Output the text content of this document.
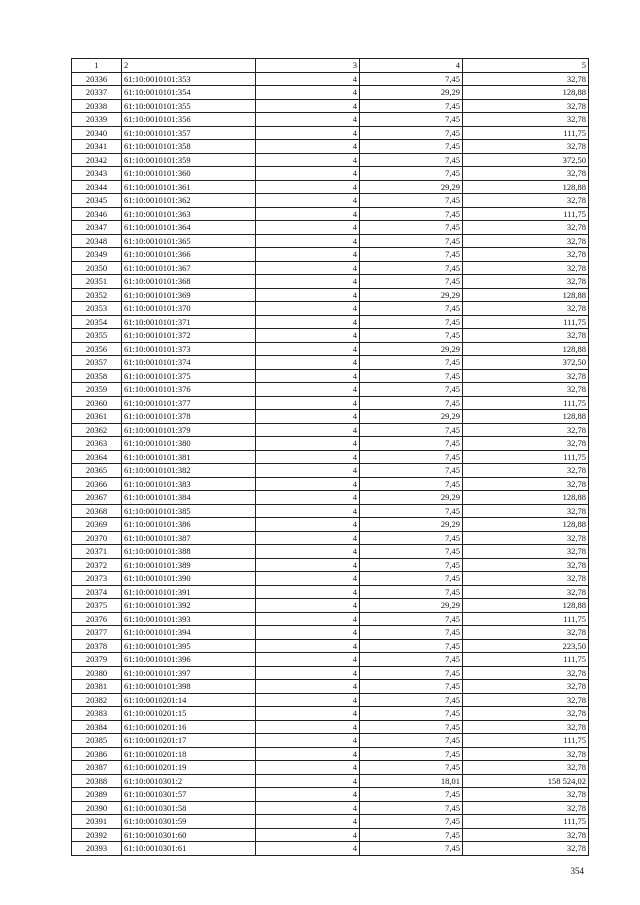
1	2	3	4	5
20336	61:10:0010101:353	4	7,45	32,78
20337	61:10:0010101:354	4	29,29	128,88
20338	61:10:0010101:355	4	7,45	32,78
20339	61:10:0010101:356	4	7,45	32,78
20340	61:10:0010101:357	4	7,45	111,75
20341	61:10:0010101:358	4	7,45	32,78
20342	61:10:0010101:359	4	7,45	372,50
20343	61:10:0010101:360	4	7,45	32,78
20344	61:10:0010101:361	4	29,29	128,88
20345	61:10:0010101:362	4	7,45	32,78
20346	61:10:0010101:363	4	7,45	111,75
20347	61:10:0010101:364	4	7,45	32,78
20348	61:10:0010101:365	4	7,45	32,78
20349	61:10:0010101:366	4	7,45	32,78
20350	61:10:0010101:367	4	7,45	32,78
20351	61:10:0010101:368	4	7,45	32,78
20352	61:10:0010101:369	4	29,29	128,88
20353	61:10:0010101:370	4	7,45	32,78
20354	61:10:0010101:371	4	7,45	111,75
20355	61:10:0010101:372	4	7,45	32,78
20356	61:10:0010101:373	4	29,29	128,88
20357	61:10:0010101:374	4	7,45	372,50
20358	61:10:0010101:375	4	7,45	32,78
20359	61:10:0010101:376	4	7,45	32,78
20360	61:10:0010101:377	4	7,45	111,75
20361	61:10:0010101:378	4	29,29	128,88
20362	61:10:0010101:379	4	7,45	32,78
20363	61:10:0010101:380	4	7,45	32,78
20364	61:10:0010101:381	4	7,45	111,75
20365	61:10:0010101:382	4	7,45	32,78
20366	61:10:0010101:383	4	7,45	32,78
20367	61:10:0010101:384	4	29,29	128,88
20368	61:10:0010101:385	4	7,45	32,78
20369	61:10:0010101:386	4	29,29	128,88
20370	61:10:0010101:387	4	7,45	32,78
20371	61:10:0010101:388	4	7,45	32,78
20372	61:10:0010101:389	4	7,45	32,78
20373	61:10:0010101:390	4	7,45	32,78
20374	61:10:0010101:391	4	7,45	32,78
20375	61:10:0010101:392	4	29,29	128,88
20376	61:10:0010101:393	4	7,45	111,75
20377	61:10:0010101:394	4	7,45	32,78
20378	61:10:0010101:395	4	7,45	223,50
20379	61:10:0010101:396	4	7,45	111,75
20380	61:10:0010101:397	4	7,45	32,78
20381	61:10:0010101:398	4	7,45	32,78
20382	61:10:0010201:14	4	7,45	32,78
20383	61:10:0010201:15	4	7,45	32,78
20384	61:10:0010201:16	4	7,45	32,78
20385	61:10:0010201:17	4	7,45	111,75
20386	61:10:0010201:18	4	7,45	32,78
20387	61:10:0010201:19	4	7,45	32,78
20388	61:10:0010301:2	4	18,01	158 524,02
20389	61:10:0010301:57	4	7,45	32,78
20390	61:10:0010301:58	4	7,45	32,78
20391	61:10:0010301:59	4	7,45	111,75
20392	61:10:0010301:60	4	7,45	32,78
20393	61:10:0010301:61	4	7,45	32,78
354
